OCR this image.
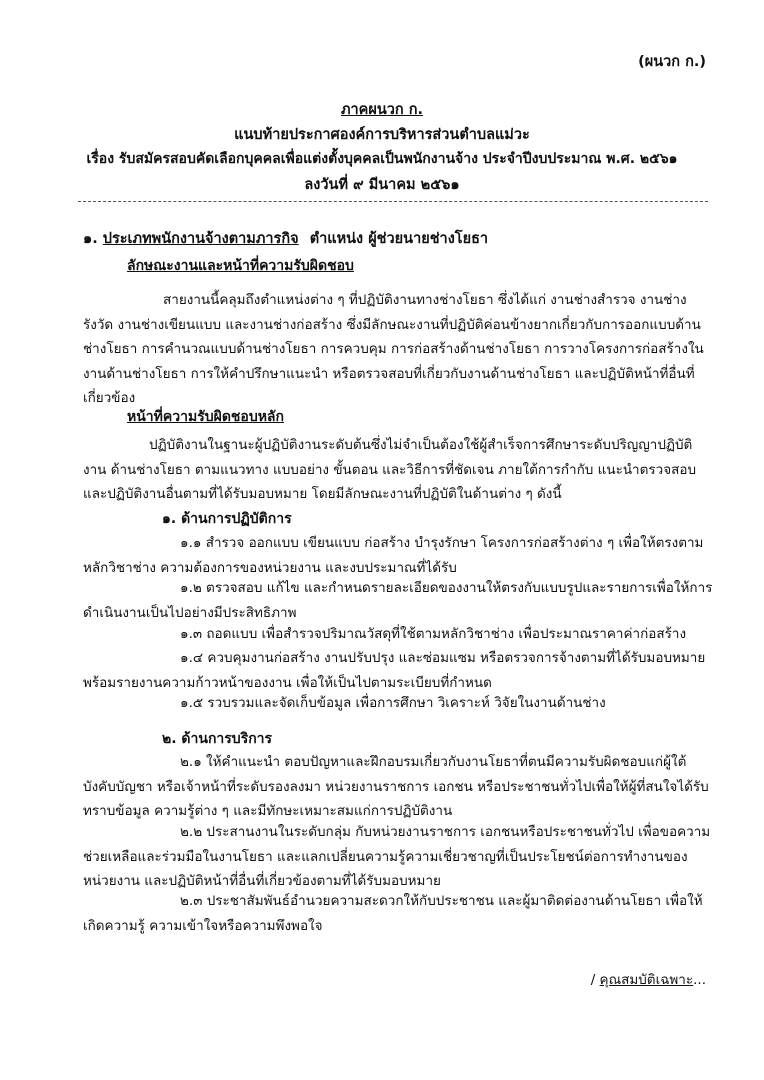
(ผนวก ก.)
ภาคผนวก ก.
แนบท้ายประกาศองค์การบริหารส่วนตำบลแม่วะ
เรื่อง รับสมัครสอบคัดเลือกบุคคลเพื่อแต่งตั้งบุคคลเป็นพนักงานจ้าง ประจำปีงบประมาณ พ.ศ. ๒๕๖๑
ลงวันที่ ๙ มีนาคม ๒๕๖๑
๑. ประเภทพนักงานจ้างตามภารกิจ ตำแหน่ง ผู้ช่วยนายช่างโยธา
ลักษณะงานและหน้าที่ความรับผิดชอบ
สายงานนี้คลุมถึงตำแหน่งต่าง ๆ ที่ปฏิบัติงานทางช่างโยธา ซึ่งได้แก่ งานช่างสำรวจ งานช่างรังวัด งานช่างเขียนแบบ และงานช่างก่อสร้าง ซึ่งมีลักษณะงานที่ปฏิบัติค่อนข้างยากเกี่ยวกับการออกแบบด้านช่างโยธา การคำนวณแบบด้านช่างโยธา การควบคุม การก่อสร้างด้านช่างโยธา การวางโครงการก่อสร้างในงานด้านช่างโยธา การให้คำปรึกษาแนะนำ หรือตรวจสอบที่เกี่ยวกับงานด้านช่างโยธา และปฏิบัติหน้าที่อื่นที่เกี่ยวข้อง
หน้าที่ความรับผิดชอบหลัก
ปฏิบัติงานในฐานะผู้ปฏิบัติงานระดับต้นซึ่งไม่จำเป็นต้องใช้ผู้สำเร็จการศึกษาระดับปริญญาปฏิบัติงาน ด้านช่างโยธา ตามแนวทาง แบบอย่าง ขั้นตอน และวิธีการที่ชัดเจน ภายใต้การกำกับ แนะนำตรวจสอบ และปฏิบัติงานอื่นตามที่ได้รับมอบหมาย โดยมีลักษณะงานที่ปฏิบัติในด้านต่าง ๆ ดังนี้
๑. ด้านการปฏิบัติการ
๑.๑ สำรวจ ออกแบบ เขียนแบบ ก่อสร้าง บำรุงรักษา โครงการก่อสร้างต่าง ๆ เพื่อให้ตรงตามหลักวิชาช่าง ความต้องการของหน่วยงาน และงบประมาณที่ได้รับ
๑.๒ ตรวจสอบ แก้ไข และกำหนดรายละเอียดของงานให้ตรงกับแบบรูปและรายการเพื่อให้การดำเนินงานเป็นไปอย่างมีประสิทธิภาพ
๑.๓ ถอดแบบ เพื่อสำรวจปริมาณวัสดุที่ใช้ตามหลักวิชาช่าง เพื่อประมาณราคาค่าก่อสร้าง
๑.๔ ควบคุมงานก่อสร้าง งานปรับปรุง และซ่อมแซม หรือตรวจการจ้างตามที่ได้รับมอบหมาย พร้อมรายงานความก้าวหน้าของงาน เพื่อให้เป็นไปตามระเบียบที่กำหนด
๑.๕ รวบรวมและจัดเก็บข้อมูล เพื่อการศึกษา วิเคราะห์ วิจัยในงานด้านช่าง
๒. ด้านการบริการ
๒.๑ ให้คำแนะนำ ตอบปัญหาและฝึกอบรมเกี่ยวกับงานโยธาที่ตนมีความรับผิดชอบแก่ผู้ใต้ บังคับบัญชา หรือเจ้าหน้าที่ระดับรองลงมา หน่วยงานราชการ เอกชน หรือประชาชนทั่วไปเพื่อให้ผู้ที่สนใจได้รับทราบข้อมูล ความรู้ต่าง ๆ และมีทักษะเหมาะสมแก่การปฏิบัติงาน
๒.๒ ประสานงานในระดับกลุ่ม กับหน่วยงานราชการ เอกชนหรือประชาชนทั่วไป เพื่อขอความช่วยเหลือและร่วมมือในงานโยธา และแลกเปลี่ยนความรู้ความเชี่ยวชาญที่เป็นประโยชน์ต่อการทำงานของหน่วยงาน และปฏิบัติหน้าที่อื่นที่เกี่ยวข้องตามที่ได้รับมอบหมาย
๒.๓ ประชาสัมพันธ์อำนวยความสะดวกให้กับประชาชน และผู้มาติดต่องานด้านโยธา เพื่อให้เกิดความรู้ ความเข้าใจหรือความพึงพอใจ
/ คุณสมบัติเฉพาะ...
